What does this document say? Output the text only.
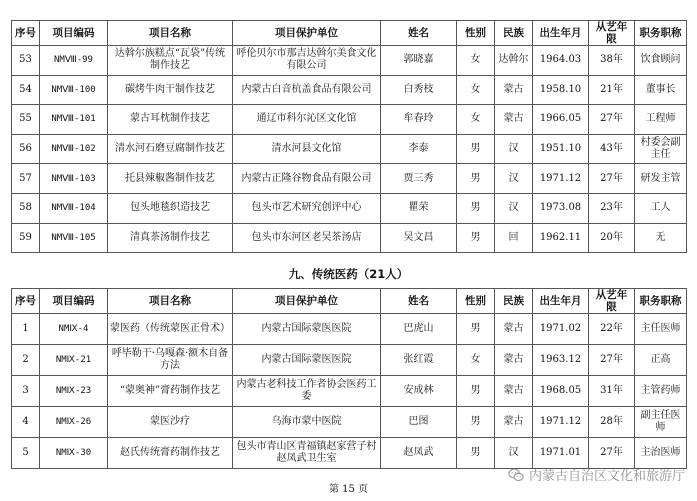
序号	项目编码	项目名称	项目保护单位	姓名	性别	民族	出生年月	从艺年限	职务职称
53	NMⅧ-99	达斡尔族糕点“瓦袋”传统制作技艺	呼伦贝尔市那吉达斡尔美食文化有限公司	郭晓嘉	女	达斡尔	1964.03	38年	饮食顾问
54	NMⅧ-100	碳烤牛肉干制作技艺	内蒙古白音杭盖食品有限公司	白秀枝	女	蒙古	1958.10	21年	董事长
55	NMⅧ-101	蒙古耳枕制作技艺	通辽市科尔沁区文化馆	牟春玲	女	蒙古	1966.05	27年	工程师
56	NMⅧ-102	清水河石磨豆腐制作技艺	清水河县文化馆	李泰	男	汉	1951.10	43年	村委会副主任
57	NMⅧ-103	托县辣椒酱制作技艺	内蒙古正隆谷物食品有限公司	贾三秀	男	汉	1971.12	27年	研发主管
58	NMⅧ-104	包头地毯织造技艺	包头市艺术研究创评中心	瞿荣	男	汉	1973.08	23年	工人
59	NMⅧ-105	清真茶汤制作技艺	包头市东河区老吴茶汤店	吴文昌	男	回	1962.11	20年	无
九、传统医药（21人）
序号	项目编码	项目名称	项目保护单位	姓名	性别	民族	出生年月	从艺年限	职务职称
1	NMⅨ-4	蒙医药（传统蒙医正骨术）	内蒙古国际蒙医医院	巴虎山	男	蒙古	1971.02	22年	主任医师
2	NMⅨ-21	呼毕勒干·乌嘎森·额木自备方法	内蒙古国际蒙医医院	张红霞	女	蒙古	1963.12	27年	正高
3	NMⅨ-23	“蒙奥神”膏药制作技艺	内蒙古老科技工作者协会医药工委	安成林	男	蒙古	1968.05	31年	主管药师
4	NMⅨ-26	蒙医沙疗	乌海市蒙中医院	巴图	男	蒙古	1971.12	28年	副主任医师
5	NMⅨ-30	赵氏传统膏药制作技艺	包头市青山区青福镇赵家营子村赵凤武卫生室	赵凤武	男	汉	1971.01	27年	主治医师
内蒙古自治区文化和旅游厅
第 15 页
